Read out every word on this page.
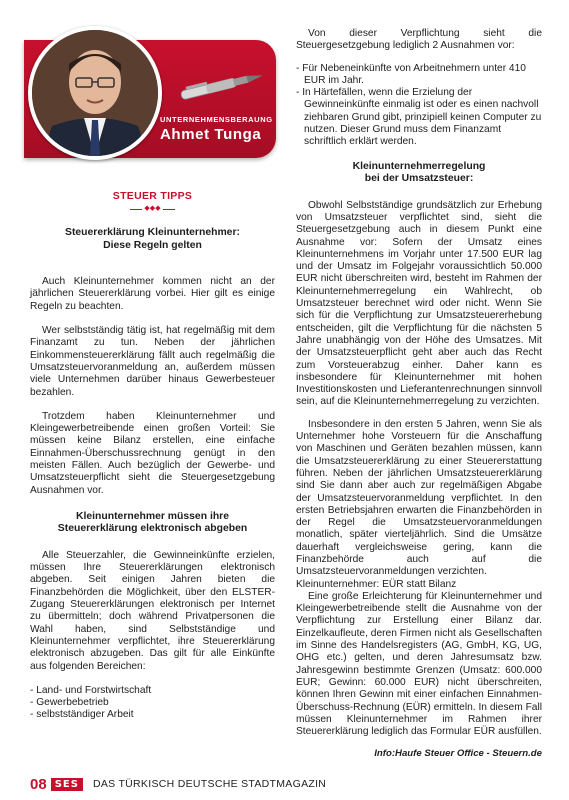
UNTERNEHMENSBERAUNG
Ahmet Tunga
STEUER TIPPS
◆◆◆
Steuererklärung Kleinunternehmer:
Diese Regeln gelten

Auch Kleinunternehmer kommen nicht an der jährlichen Steuererklärung vorbei. Hier gilt es einige Regeln zu beachten.

Wer selbstständig tätig ist, hat regelmäßig mit dem Finanzamt zu tun. Neben der jährlichen Einkommensteuererklärung fällt auch regelmäßig die Umsatzsteuervoranmeldung an, außerdem müssen viele Unternehmen darüber hinaus Gewerbesteuer bezahlen.

Trotzdem haben Kleinunternehmer und Kleingewerbetreibende einen großen Vorteil: Sie müssen keine Bilanz erstellen, eine einfache Einnahmen-Überschussrechnung genügt in den meisten Fällen. Auch bezüglich der Gewerbe- und Umsatzsteuerpflicht sieht die Steuergesetzgebung Ausnahmen vor.

Kleinunternehmer müssen ihre
Steuererklärung elektronisch abgeben

Alle Steuerzahler, die Gewinneinkünfte erzielen, müssen Ihre Steuererklärungen elektronisch abgeben. Seit einigen Jahren bieten die Finanzbehörden die Möglichkeit, über den ELSTER-Zugang Steuererklärungen elektronisch per Internet zu übermitteln; doch während Privatpersonen die Wahl haben, sind Selbstständige und Kleinunternehmer verpflichtet, ihre Steuererklärung elektronisch abzugeben. Das gilt für alle Einkünfte aus folgenden Bereichen:

- Land- und Forstwirtschaft
- Gewerbebetrieb
- selbstständiger Arbeit

Von dieser Verpflichtung sieht die Steuergesetzgebung lediglich 2 Ausnahmen vor:

- Für Nebeneinkünfte von Arbeitnehmern unter 410 EUR im Jahr.
- In Härtefällen, wenn die Erzielung der Gewinneinkünfte einmalig ist oder es einen nachvoll ziehbaren Grund gibt, prinzipiell keinen Computer zu nutzen. Dieser Grund muss dem Finanzamt schriftlich erklärt werden.
Kleinunternehmerregelung
bei der Umsatzsteuer:

Obwohl Selbstständige grundsätzlich zur Erhebung von Umsatzsteuer verpflichtet sind, sieht die Steuergesetzgebung auch in diesem Punkt eine Ausnahme vor: Sofern der Umsatz eines Kleinunternehmens im Vorjahr unter 17.500 EUR lag und der Umsatz im Folgejahr voraussichtlich 50.000 EUR nicht überschreiten wird, besteht im Rahmen der Kleinunternehmerregelung ein Wahlrecht, ob Umsatzsteuer berechnet wird oder nicht. Wenn Sie sich für die Verpflichtung zur Umsatzsteuererhebung entscheiden, gilt die Verpflichtung für die nächsten 5 Jahre unabhängig von der Höhe des Umsatzes. Mit der Umsatzsteuerpflicht geht aber auch das Recht zum Vorsteuerabzug einher. Daher kann es insbesondere für Kleinunternehmer mit hohen Investitionskosten und Lieferantenrechnungen sinnvoll sein, auf die Kleinunternehmerregelung zu verzichten.

Insbesondere in den ersten 5 Jahren, wenn Sie als Unternehmer hohe Vorsteuern für die Anschaffung von Maschinen und Geräten bezahlen müssen, kann die Umsatzsteuererklärung zu einer Steuererstattung führen. Neben der jährlichen Umsatzsteuererklärung sind Sie dann aber auch zur regelmäßigen Abgabe der Umsatzsteuervoranmeldung verpflichtet. In den ersten Betriebsjahren erwarten die Finanzbehörden in der Regel die Umsatzsteuervoranmeldungen monatlich, später vierteljährlich. Sind die Umsätze dauerhaft vergleichsweise gering, kann die Finanzbehörde auch auf die Umsatzsteuervoranmeldungen verzichten.

Kleinunternehmer: EÜR statt Bilanz

Eine große Erleichterung für Kleinunternehmer und Kleingewerbetreibende stellt die Ausnahme von der Verpflichtung zur Erstellung einer Bilanz dar. Einzelkaufleute, deren Firmen nicht als Gesellschaften im Sinne des Handelsregisters (AG, GmbH, KG, UG, OHG etc.) gelten, und deren Jahresumsatz bzw. Jahresgewinn bestimmte Grenzen (Umsatz: 600.000 EUR; Gewinn: 60.000 EUR) nicht überschreiten, können Ihren Gewinn mit einer einfachen Einnahmen-Überschuss-Rechnung (EÜR) ermitteln. In diesem Fall müssen Kleinunternehmer im Rahmen ihrer Steuererklärung lediglich das Formular EÜR ausfüllen.

Info:Haufe Steuer Office - Steuern.de
08 SES	DAS TÜRKISCH DEUTSCHE STADTMAGAZIN
